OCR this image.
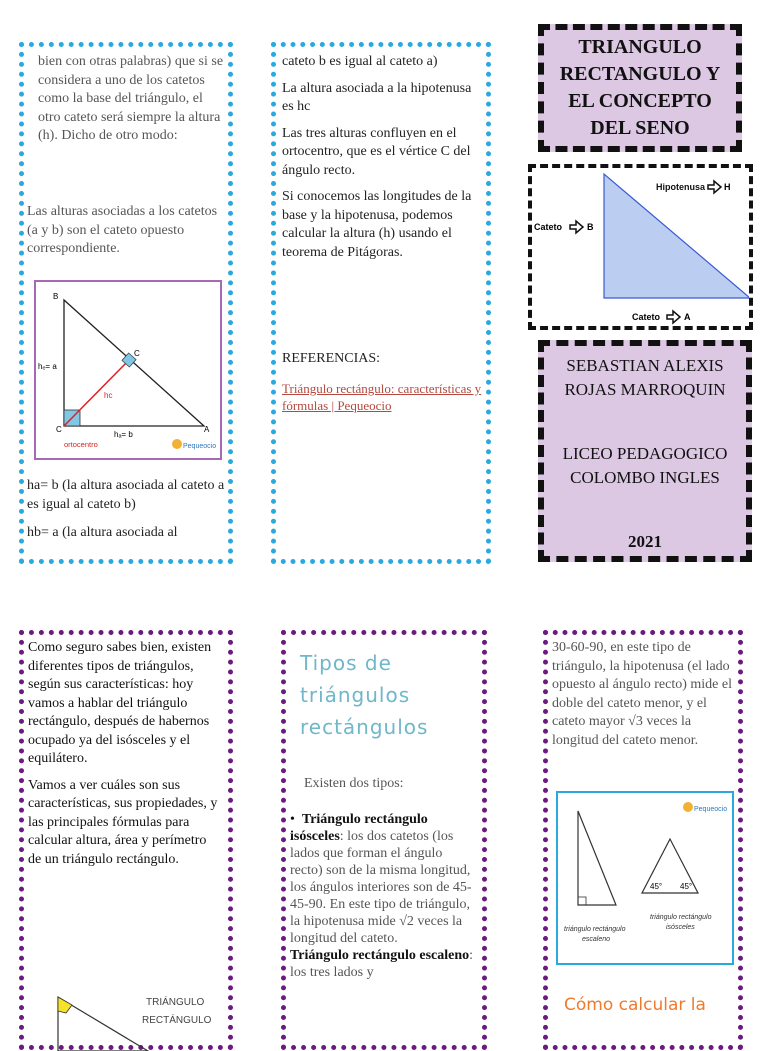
bien con otras palabras) que si se considera a uno de los catetos como la base del triángulo, el otro cateto será siempre la altura (h). Dicho de otro modo:
Las alturas asociadas a los catetos (a y b) son el cateto opuesto correspondiente.
B
C
hₑ= a
hc
C	A
hₐ= b
ortocentro	Pequeocio
ha= b (la altura asociada al cateto a es igual al cateto b)
hb= a (la altura asociada al

cateto b es igual al cateto a)

La altura asociada a la hipotenusa es hc

Las tres alturas confluyen en el ortocentro, que es el vértice C del ángulo recto.

Si conocemos las longitudes de la base y la hipotenusa, podemos calcular la altura (h) usando el teorema de Pitágoras.

REFERENCIAS:
Triángulo rectángulo: características y fórmulas | Pequeocio
TRIANGULO RECTANGULO Y EL CONCEPTO DEL SENO
Hipotenusa H
Cateto	B
Cateto	A
SEBASTIAN ALEXIS ROJAS MARROQUIN
LICEO PEDAGOGICO COLOMBO INGLES
2021

Como seguro sabes bien, existen diferentes tipos de triángulos, según sus características: hoy vamos a hablar del triángulo rectángulo, después de habernos ocupado ya del isósceles y el equilátero.

Vamos a ver cuáles son sus características, sus propiedades, y las principales fórmulas para calcular altura, área y perímetro de un triángulo rectángulo.

TRIÁNGULO
RECTÁNGULO
Tipos de triángulos rectángulos
Existen dos tipos:
•  Triángulo rectángulo isósceles: los dos catetos (los lados que forman el ángulo recto) son de la misma longitud, los ángulos interiores son de 45-45-90. En este tipo de triángulo, la hipotenusa mide √2 veces la longitud del cateto.
Triángulo rectángulo escaleno: los tres lados y
30-60-90, en este tipo de triángulo, la hipotenusa (el lado opuesto al ángulo recto) mide el doble del cateto menor, y el cateto mayor √3 veces la longitud del cateto menor.
Pequeocio
45° 45°
triángulo rectángulo
escaleno
triángulo rectángulo
isósceles
Cómo calcular la
